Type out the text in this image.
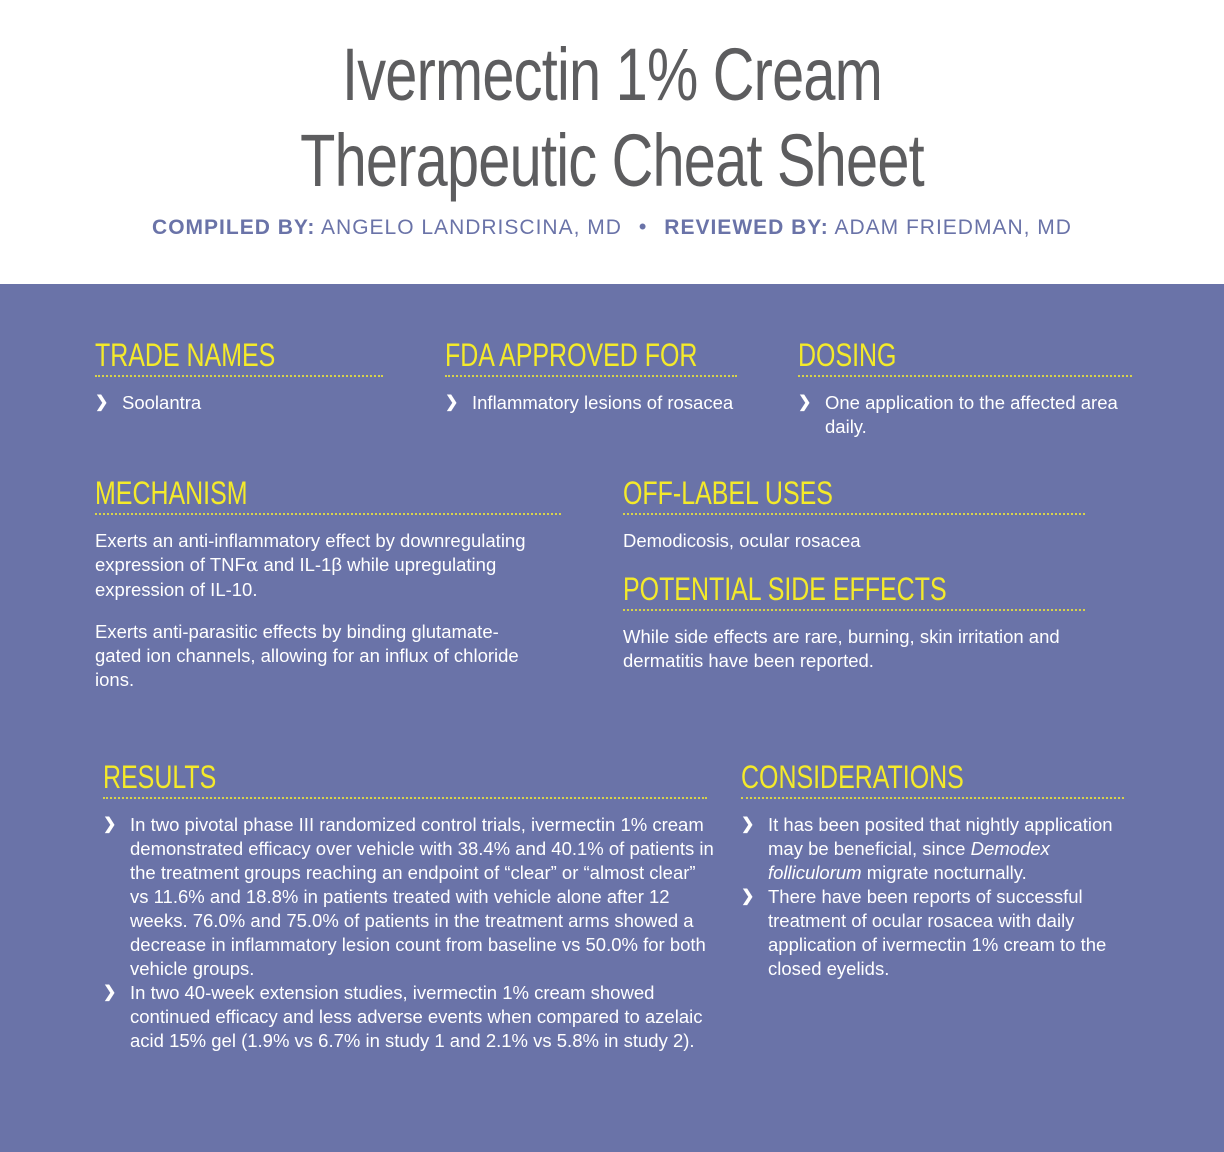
Ivermectin 1% Cream
Therapeutic Cheat Sheet
COMPILED BY: ANGELO LANDRISCINA, MD • REVIEWED BY: ADAM FRIEDMAN, MD
TRADE NAMES
❯ Soolantra
FDA APPROVED FOR
❯ Inflammatory lesions of rosacea
DOSING
❯ One application to the affected area daily.
MECHANISM

Exerts an anti-inflammatory effect by downregulating expression of TNFα and IL-1β while upregulating expression of IL-10.

Exerts anti-parasitic effects by binding glutamate-gated ion channels, allowing for an influx of chloride ions.

OFF-LABEL USES

Demodicosis, ocular rosacea

POTENTIAL SIDE EFFECTS

While side effects are rare, burning, skin irritation and dermatitis have been reported.

RESULTS
❯ In two pivotal phase III randomized control trials, ivermectin 1% cream demonstrated efficacy over vehicle with 38.4% and 40.1% of patients in the treatment groups reaching an endpoint of “clear” or “almost clear” vs 11.6% and 18.8% in patients treated with vehicle alone after 12 weeks. 76.0% and 75.0% of patients in the treatment arms showed a decrease in inflammatory lesion count from baseline vs 50.0% for both vehicle groups.
❯ In two 40-week extension studies, ivermectin 1% cream showed continued efficacy and less adverse events when compared to azelaic acid 15% gel (1.9% vs 6.7% in study 1 and 2.1% vs 5.8% in study 2).
CONSIDERATIONS
❯ It has been posited that nightly application may be beneficial, since Demodex folliculorum migrate nocturnally.
❯ There have been reports of successful treatment of ocular rosacea with daily application of ivermectin 1% cream to the closed eyelids.
